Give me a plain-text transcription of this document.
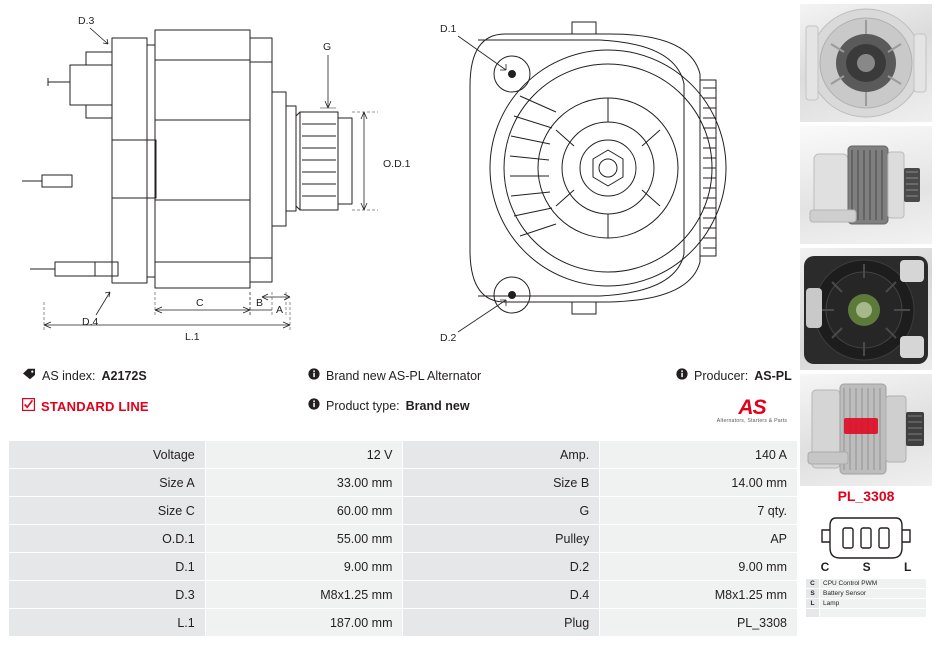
D.3
D.4
G
O.D.1
A
B
C
L.1
D.1
D.2
AS index: A2172S	Brand new AS-PL Alternator	Producer: AS-PL
STANDARD LINE	Product type: Brand new	AS
Alternators, Starters & Parts
Voltage	12 V	Amp.	140 A
Size A	33.00 mm	Size B	14.00 mm
Size C	60.00 mm	G	7 qty.
O.D.1	55.00 mm	Pulley	AP
D.1	9.00 mm	D.2	9.00 mm
D.3	M8x1.25 mm	D.4	M8x1.25 mm
L.1	187.00 mm	Plug	PL_3308
PL_3308
C S L
C	CPU Control PWM
S	Battery Sensor
L	Lamp
